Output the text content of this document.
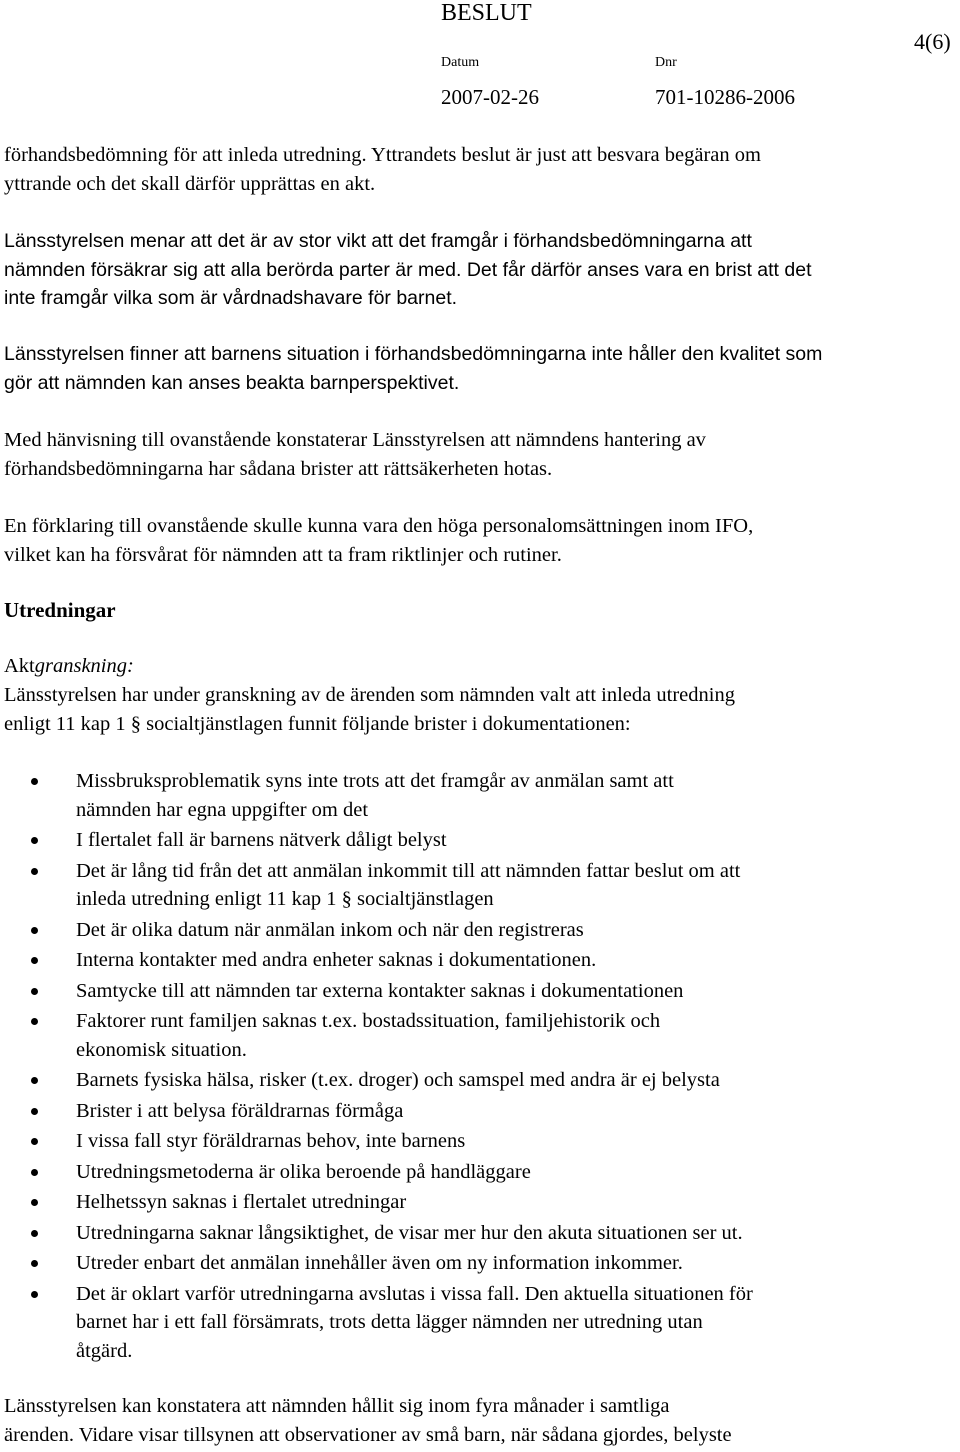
BESLUT
4(6)
Datum	Dnr
2007-02-26	701-10286-2006

förhandsbedömning för att inleda utredning. Yttrandets beslut är just att besvara begäran om

yttrande och det skall därför upprättas en akt.

Länsstyrelsen menar att det är av stor vikt att det framgår i förhandsbedömningarna att

nämnden försäkrar sig att alla berörda parter är med. Det får därför anses vara en brist att det

inte framgår vilka som är vårdnadshavare för barnet.

Länsstyrelsen finner att barnens situation i förhandsbedömningarna inte håller den kvalitet som

gör att nämnden kan anses beakta barnperspektivet.

Med hänvisning till ovanstående konstaterar Länsstyrelsen att nämndens hantering av

förhandsbedömningarna har sådana brister att rättsäkerheten hotas.

En förklaring till ovanstående skulle kunna vara den höga personalomsättningen inom IFO,

vilket kan ha försvårat för nämnden att ta fram riktlinjer och rutiner.

Utredningar
Aktgranskning:

Länsstyrelsen har under granskning av de ärenden som nämnden valt att inleda utredning

enligt 11 kap 1 § socialtjänstlagen funnit följande brister i dokumentationen:

Missbruksproblematik syns inte trots att det framgår av anmälan samt att
nämnden har egna uppgifter om det
I flertalet fall är barnens nätverk dåligt belyst
Det är lång tid från det att anmälan inkommit till att nämnden fattar beslut om att
inleda utredning enligt 11 kap 1 § socialtjänstlagen
Det är olika datum när anmälan inkom och när den registreras
Interna kontakter med andra enheter saknas i dokumentationen.
Samtycke till att nämnden tar externa kontakter saknas i dokumentationen
Faktorer runt familjen saknas t.ex. bostadssituation, familjehistorik och
ekonomisk situation.
Barnets fysiska hälsa, risker (t.ex. droger) och samspel med andra är ej belysta
Brister i att belysa föräldrarnas förmåga
I vissa fall styr föräldrarnas behov, inte barnens
Utredningsmetoderna är olika beroende på handläggare
Helhetssyn saknas i flertalet utredningar
Utredningarna saknar långsiktighet, de visar mer hur den akuta situationen ser ut.
Utreder enbart det anmälan innehåller även om ny information inkommer.
Det är oklart varför utredningarna avslutas i vissa fall. Den aktuella situationen för
barnet har i ett fall försämrats, trots detta lägger nämnden ner utredning utan
åtgärd.

Länsstyrelsen kan konstatera att nämnden hållit sig inom fyra månader i samtliga

ärenden. Vidare visar tillsynen att observationer av små barn, när sådana gjordes, belyste
